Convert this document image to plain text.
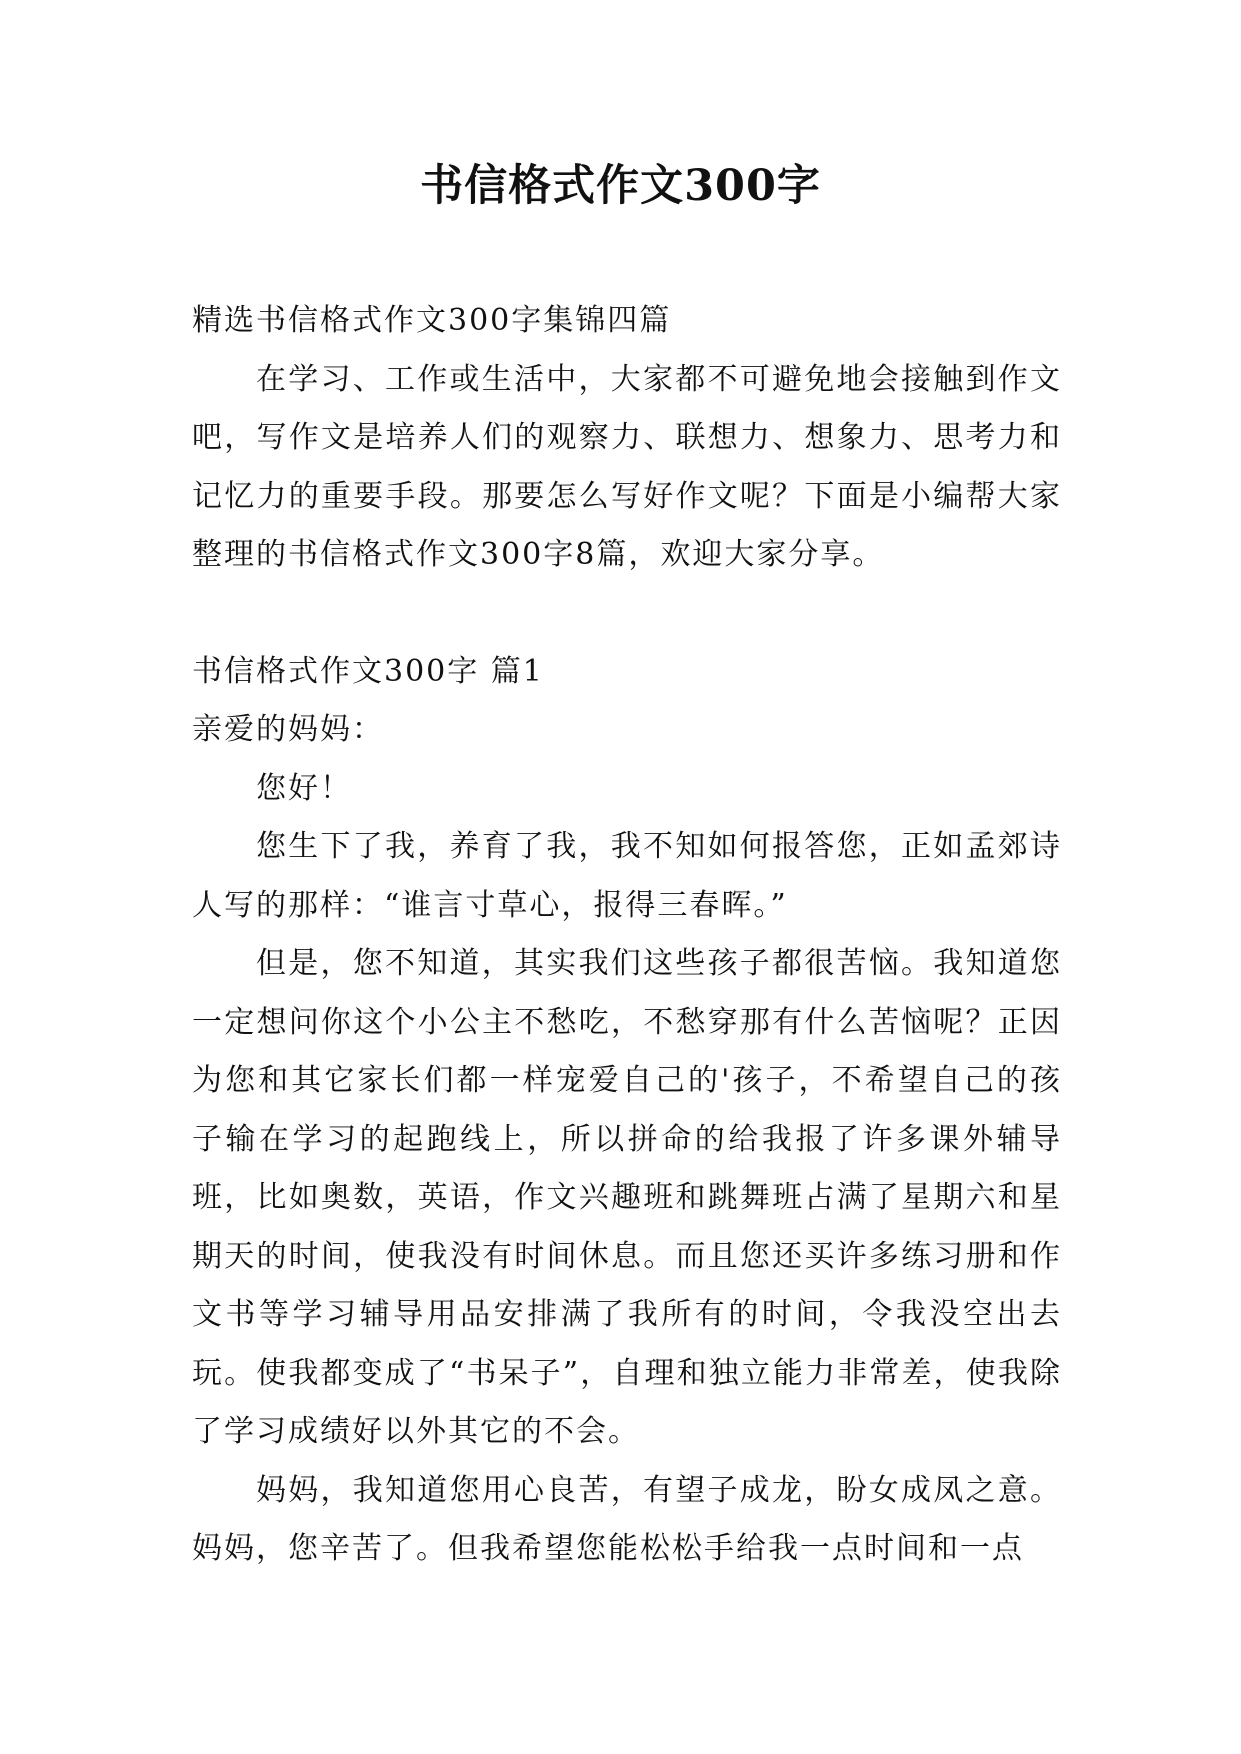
书信格式作文300字

精选书信格式作文300字集锦四篇

在学习、工作或生活中，大家都不可避免地会接触到作文吧，写作文是培养人们的观察力、联想力、想象力、思考力和记忆力的重要手段。那要怎么写好作文呢？下面是小编帮大家整理的书信格式作文300字8篇，欢迎大家分享。

书信格式作文300字 篇1

亲爱的妈妈：

您好！

您生下了我，养育了我，我不知如何报答您，正如孟郊诗人写的那样：“谁言寸草心，报得三春晖。”

但是，您不知道，其实我们这些孩子都很苦恼。我知道您一定想问你这个小公主不愁吃，不愁穿那有什么苦恼呢？正因为您和其它家长们都一样宠爱自己的'孩子，不希望自己的孩子输在学习的起跑线上，所以拼命的给我报了许多课外辅导班，比如奥数，英语，作文兴趣班和跳舞班占满了星期六和星期天的时间，使我没有时间休息。而且您还买许多练习册和作文书等学习辅导用品安排满了我所有的时间，令我没空出去玩。使我都变成了“书呆子”，自理和独立能力非常差，使我除了学习成绩好以外其它的不会。

妈妈，我知道您用心良苦，有望子成龙，盼女成凤之意。妈妈，您辛苦了。但我希望您能松松手给我一点时间和一点
